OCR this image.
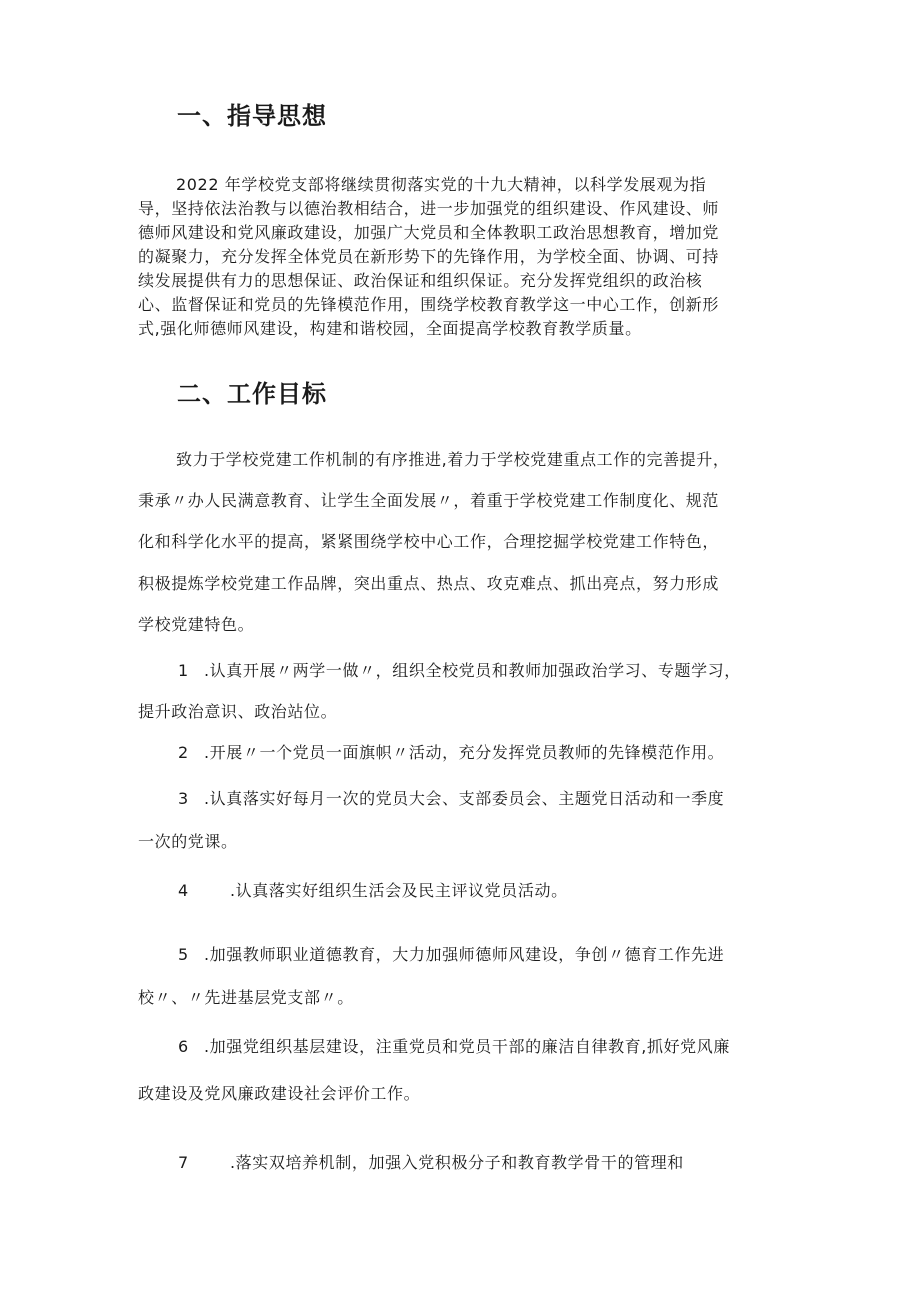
一、指导思想
2022 年学校党支部将继续贯彻落实党的十九大精神，以科学发展观为指
导，坚持依法治教与以德治教相结合，进一步加强党的组织建设、作风建设、师
德师风建设和党风廉政建设，加强广大党员和全体教职工政治思想教育，增加党
的凝聚力，充分发挥全体党员在新形势下的先锋作用，为学校全面、协调、可持
续发展提供有力的思想保证、政治保证和组织保证。充分发挥党组织的政治核
心、监督保证和党员的先锋模范作用，围绕学校教育教学这一中心工作，创新形
式,强化师德师风建设，构建和谐校园，全面提高学校教育教学质量。
二、工作目标
致力于学校党建工作机制的有序推进,着力于学校党建重点工作的完善提升，
秉承〃办人民满意教育、让学生全面发展〃，着重于学校党建工作制度化、规范
化和科学化水平的提高，紧紧围绕学校中心工作，合理挖掘学校党建工作特色，
积极提炼学校党建工作品牌，突出重点、热点、攻克难点、抓出亮点，努力形成
学校党建特色。
1 .认真开展〃两学一做〃，组织全校党员和教师加强政治学习、专题学习，
提升政治意识、政治站位。
2 .开展〃一个党员一面旗帜〃活动，充分发挥党员教师的先锋模范作用。
3 .认真落实好每月一次的党员大会、支部委员会、主题党日活动和一季度
一次的党课。
4	.认真落实好组织生活会及民主评议党员活动。
5 .加强教师职业道德教育，大力加强师德师风建设，争创〃德育工作先进
校〃、〃先进基层党支部〃。
6 .加强党组织基层建设，注重党员和党员干部的廉洁自律教育,抓好党风廉
政建设及党风廉政建设社会评价工作。
7	.落实双培养机制，加强入党积极分子和教育教学骨干的管理和
